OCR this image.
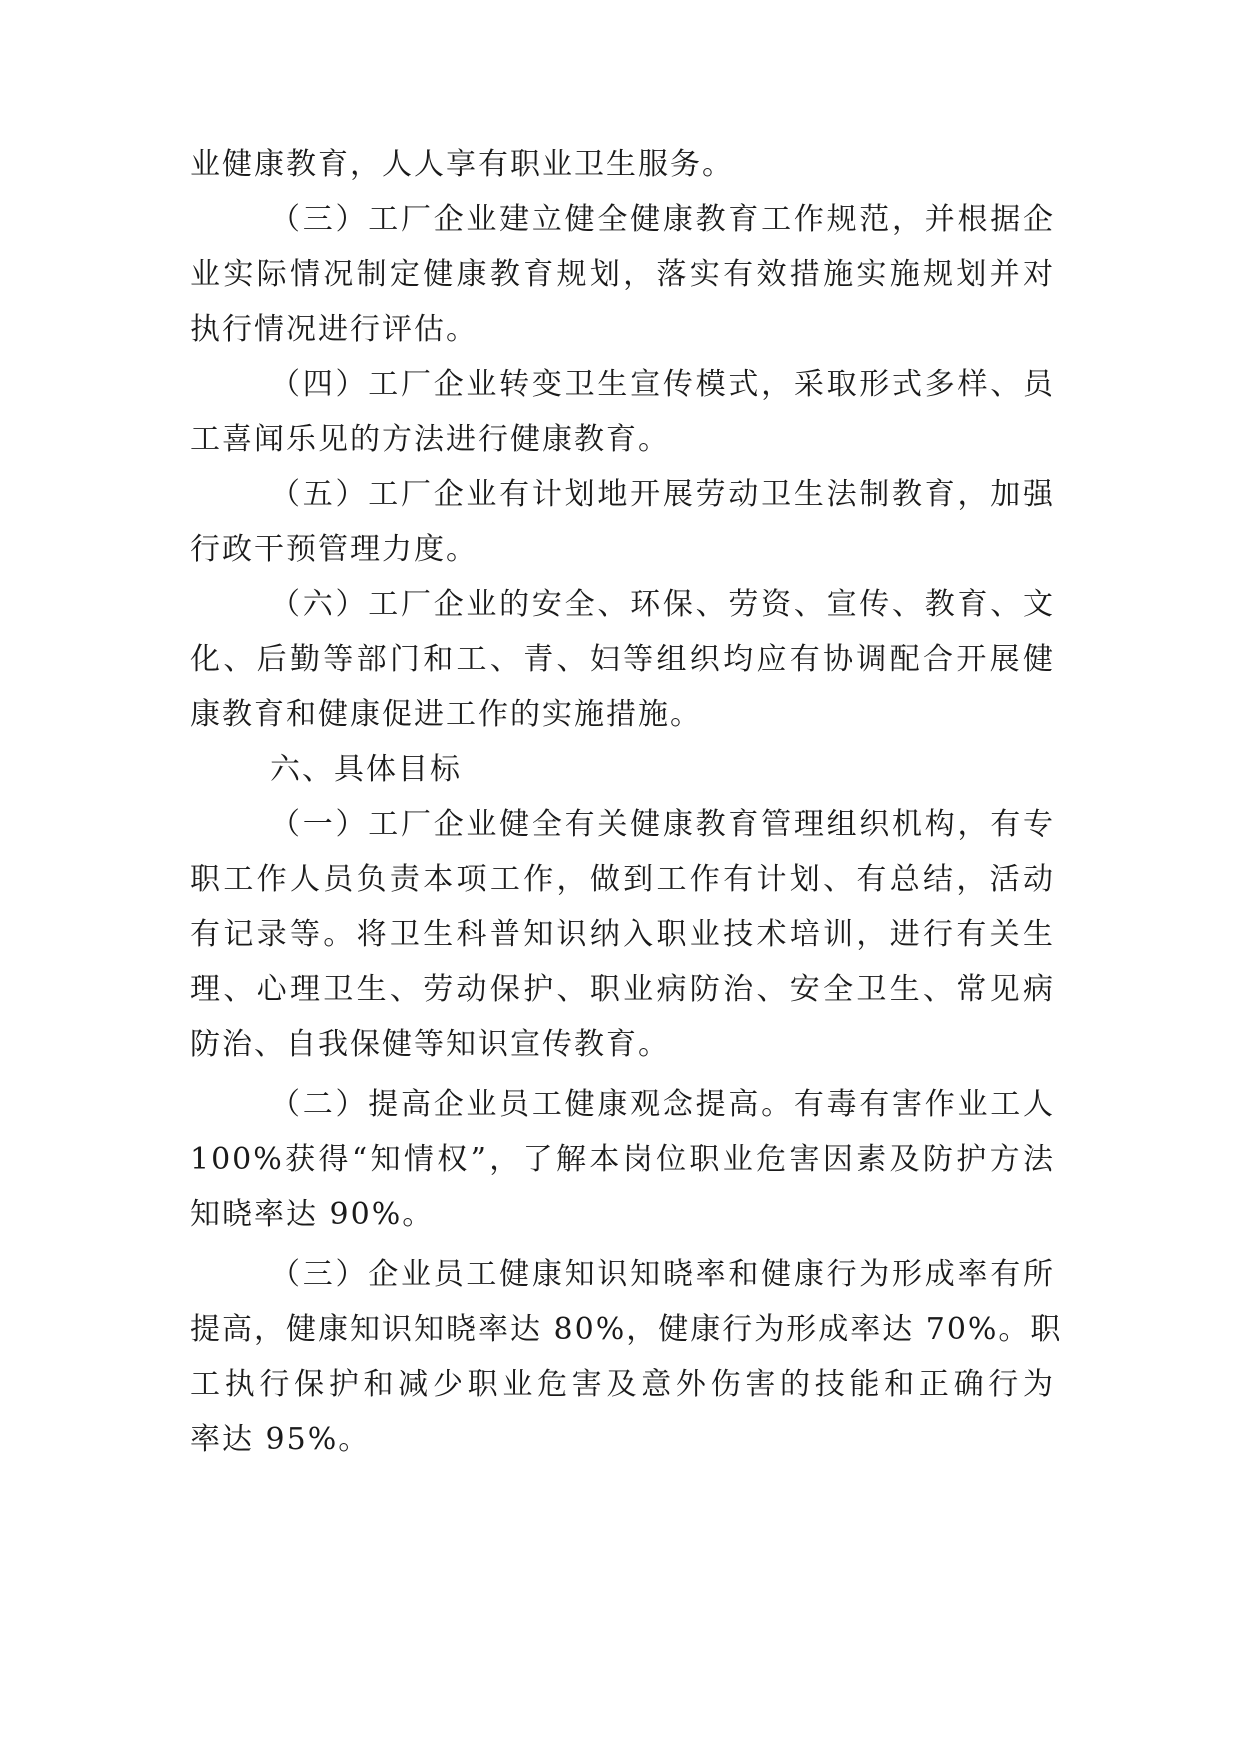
业健康教育，人人享有职业卫生服务。
（三）工厂企业建立健全健康教育工作规范，并根据企
业实际情况制定健康教育规划，落实有效措施实施规划并对
执行情况进行评估。
（四）工厂企业转变卫生宣传模式，采取形式多样、员
工喜闻乐见的方法进行健康教育。
（五）工厂企业有计划地开展劳动卫生法制教育，加强
行政干预管理力度。
（六）工厂企业的安全、环保、劳资、宣传、教育、文
化、后勤等部门和工、青、妇等组织均应有协调配合开展健
康教育和健康促进工作的实施措施。
六、具体目标
（一）工厂企业健全有关健康教育管理组织机构，有专
职工作人员负责本项工作，做到工作有计划、有总结，活动
有记录等。将卫生科普知识纳入职业技术培训，进行有关生
理、心理卫生、劳动保护、职业病防治、安全卫生、常见病
防治、自我保健等知识宣传教育。
（二）提高企业员工健康观念提高。有毒有害作业工人
100%获得“知情权”，了解本岗位职业危害因素及防护方法
知晓率达 90%。
（三）企业员工健康知识知晓率和健康行为形成率有所
提高，健康知识知晓率达 80%，健康行为形成率达 70%。职
工执行保护和减少职业危害及意外伤害的技能和正确行为
率达 95%。
